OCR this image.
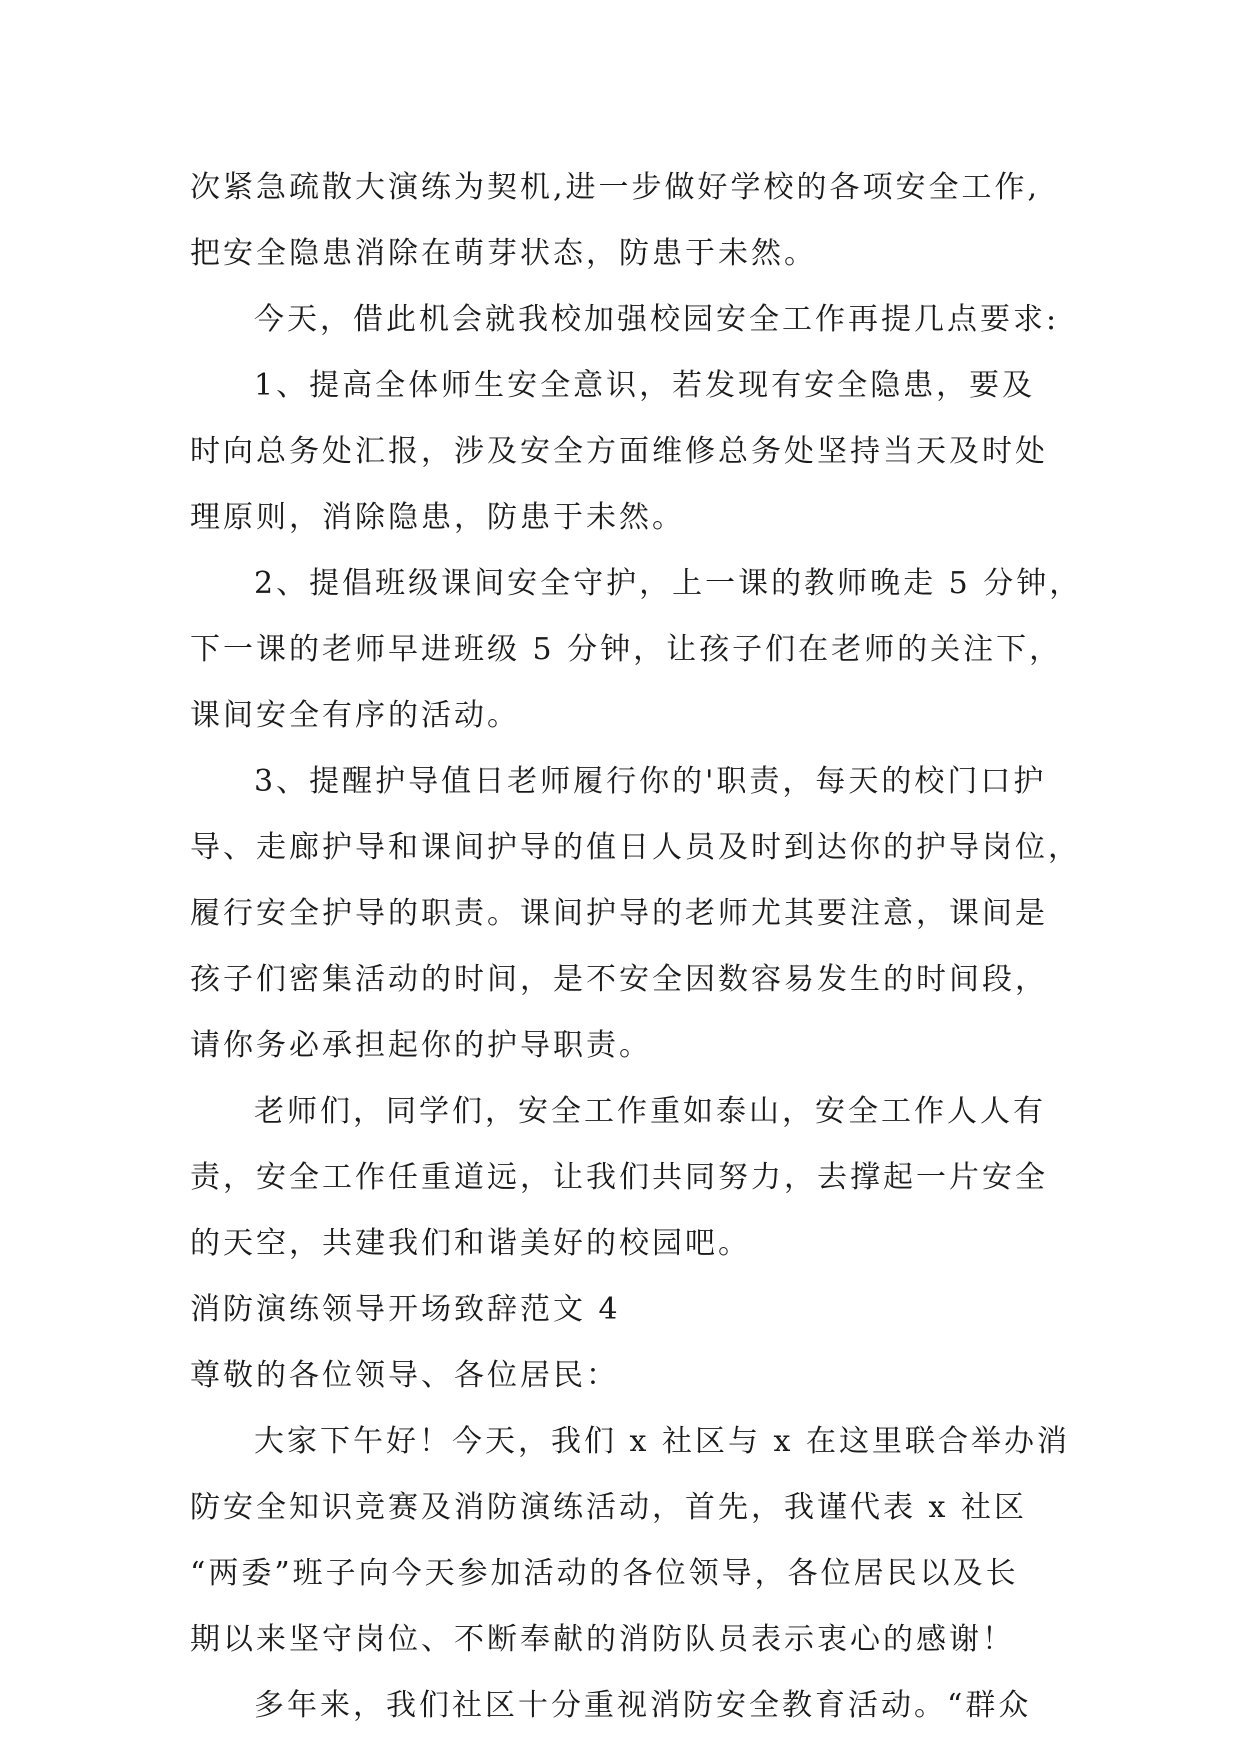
次紧急疏散大演练为契机,进一步做好学校的各项安全工作,
把安全隐患消除在萌芽状态，防患于未然。
今天，借此机会就我校加强校园安全工作再提几点要求:
1、提高全体师生安全意识，若发现有安全隐患，要及
时向总务处汇报，涉及安全方面维修总务处坚持当天及时处
理原则，消除隐患，防患于未然。
2、提倡班级课间安全守护，上一课的教师晚走 5 分钟，
下一课的老师早进班级 5 分钟，让孩子们在老师的关注下，
课间安全有序的活动。
3、提醒护导值日老师履行你的'职责，每天的校门口护
导、走廊护导和课间护导的值日人员及时到达你的护导岗位，
履行安全护导的职责。课间护导的老师尤其要注意，课间是
孩子们密集活动的时间，是不安全因数容易发生的时间段，
请你务必承担起你的护导职责。
老师们，同学们，安全工作重如泰山，安全工作人人有
责，安全工作任重道远，让我们共同努力，去撑起一片安全
的天空，共建我们和谐美好的校园吧。
消防演练领导开场致辞范文 4
尊敬的各位领导、各位居民：
大家下午好！今天，我们 x 社区与 x 在这里联合举办消
防安全知识竞赛及消防演练活动，首先，我谨代表 x 社区
“两委”班子向今天参加活动的各位领导，各位居民以及长
期以来坚守岗位、不断奉献的消防队员表示衷心的感谢！
多年来，我们社区十分重视消防安全教育活动。“群众
